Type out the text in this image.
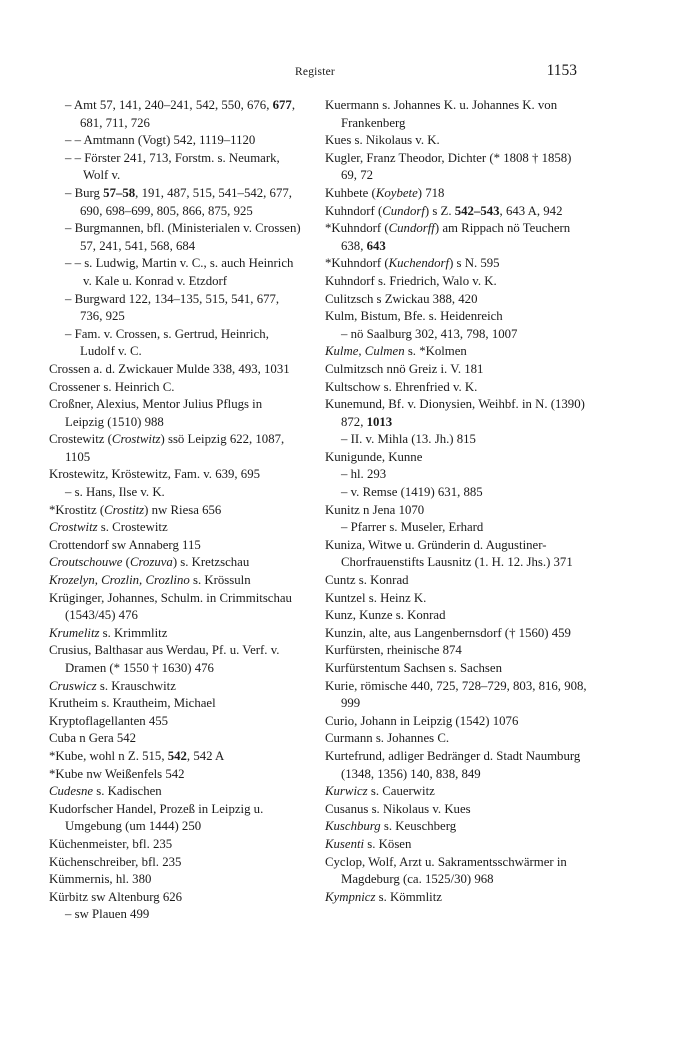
Register	1153

– Amt 57, 141, 240–241, 542, 550, 676, 677, 681, 711, 726

– – Amtmann (Vogt) 542, 1119–1120

– – Förster 241, 713, Forstm. s. Neumark, Wolf v.

– Burg 57–58, 191, 487, 515, 541–542, 677, 690, 698–699, 805, 866, 875, 925

– Burgmannen, bfl. (Ministerialen v. Crossen) 57, 241, 541, 568, 684

– – s. Ludwig, Martin v. C., s. auch Heinrich v. Kale u. Konrad v. Etzdorf

– Burgward 122, 134–135, 515, 541, 677, 736, 925

– Fam. v. Crossen, s. Gertrud, Heinrich, Ludolf v. C.

Crossen a. d. Zwickauer Mulde 338, 493, 1031

Crossener s. Heinrich C.

Croßner, Alexius, Mentor Julius Pflugs in Leipzig (1510) 988

Crostewitz (Crostwitz) ssö Leipzig 622, 1087, 1105

Krostewitz, Kröstewitz, Fam. v. 639, 695

– s. Hans, Ilse v. K.

*Krostitz (Crostitz) nw Riesa 656

Crostwitz s. Crostewitz

Crottendorf sw Annaberg 115

Croutschouwe (Crozuva) s. Kretzschau

Krozelyn, Crozlin, Crozlino s. Krössuln

Krüginger, Johannes, Schulm. in Crimmitschau (1543/45) 476

Krumelitz s. Krimmlitz

Crusius, Balthasar aus Werdau, Pf. u. Verf. v. Dramen (* 1550 † 1630) 476

Cruswicz s. Krauschwitz

Krutheim s. Krautheim, Michael

Kryptoflagellanten 455

Cuba n Gera 542

*Kube, wohl n Z. 515, 542, 542 A

*Kube nw Weißenfels 542

Cudesne s. Kadischen

Kudorfscher Handel, Prozeß in Leipzig u. Umgebung (um 1444) 250

Küchenmeister, bfl. 235

Küchenschreiber, bfl. 235

Kümmernis, hl. 380

Kürbitz sw Altenburg 626

– sw Plauen 499

Kuermann s. Johannes K. u. Johannes K. von Frankenberg

Kues s. Nikolaus v. K.

Kugler, Franz Theodor, Dichter (* 1808 † 1858) 69, 72

Kuhbete (Koybete) 718

Kuhndorf (Cundorf) s Z. 542–543, 643 A, 942

*Kuhndorf (Cundorff) am Rippach nö Teuchern 638, 643

*Kuhndorf (Kuchendorf) s N. 595

Kuhndorf s. Friedrich, Walo v. K.

Culitzsch s Zwickau 388, 420

Kulm, Bistum, Bfe. s. Heidenreich

– nö Saalburg 302, 413, 798, 1007

Kulme, Culmen s. *Kolmen

Culmitzsch nnö Greiz i. V. 181

Kultschow s. Ehrenfried v. K.

Kunemund, Bf. v. Dionysien, Weihbf. in N. (1390) 872, 1013

– II. v. Mihla (13. Jh.) 815

Kunigunde, Kunne

– hl. 293

– v. Remse (1419) 631, 885

Kunitz n Jena 1070

– Pfarrer s. Museler, Erhard

Kuniza, Witwe u. Gründerin d. Augustiner-Chorfrauenstifts Lausnitz (1. H. 12. Jhs.) 371

Cuntz s. Konrad

Kuntzel s. Heinz K.

Kunz, Kunze s. Konrad

Kunzin, alte, aus Langenbernsdorf († 1560) 459

Kurfürsten, rheinische 874

Kurfürstentum Sachsen s. Sachsen

Kurie, römische 440, 725, 728–729, 803, 816, 908, 999

Curio, Johann in Leipzig (1542) 1076

Curmann s. Johannes C.

Kurtefrund, adliger Bedränger d. Stadt Naumburg (1348, 1356) 140, 838, 849

Kurwicz s. Cauerwitz

Cusanus s. Nikolaus v. Kues

Kuschburg s. Keuschberg

Kusenti s. Kösen

Cyclop, Wolf, Arzt u. Sakramentsschwärmer in Magdeburg (ca. 1525/30) 968

Kympnicz s. Kömmlitz
